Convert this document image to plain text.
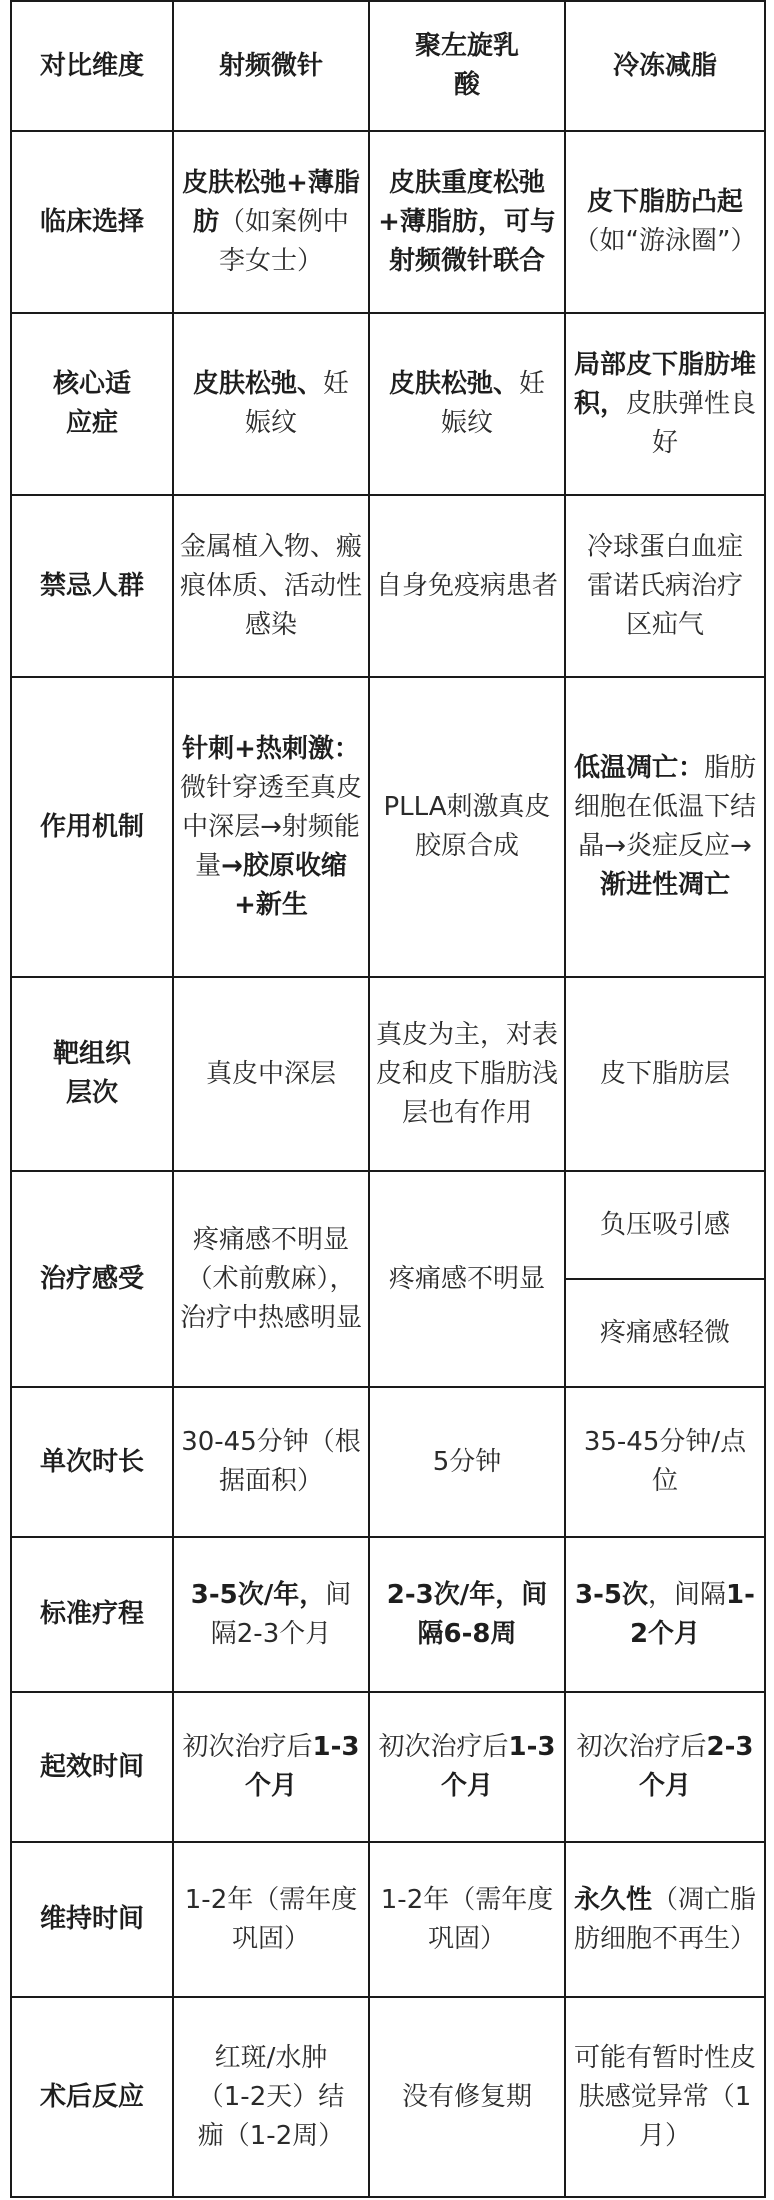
对比维度	射频微针	聚左旋乳酸	冷冻减脂
临床选择	皮肤松弛+薄脂肪（如案例中李女士）	皮肤重度松弛+薄脂肪，可与射频微针联合	皮下脂肪凸起（如“游泳圈”）
核心适应症	皮肤松弛、妊娠纹	皮肤松弛、妊娠纹	局部皮下脂肪堆积，皮肤弹性良好
禁忌人群	金属植入物、瘢痕体质、活动性感染	自身免疫病患者	冷球蛋白血症雷诺氏病治疗区疝气
作用机制	针刺+热刺激：微针穿透至真皮中深层→射频能量→胶原收缩+新生	PLLA刺激真皮胶原合成	低温凋亡：脂肪细胞在低温下结晶→炎症反应→渐进性凋亡
靶组织层次	真皮中深层	真皮为主，对表皮和皮下脂肪浅层也有作用	皮下脂肪层
治疗感受	疼痛感不明显（术前敷麻），治疗中热感明显	疼痛感不明显	负压吸引感
			疼痛感轻微
单次时长	30-45分钟（根据面积）	5分钟	35-45分钟/点位
标准疗程	3-5次/年，间隔2-3个月	2-3次/年，间隔6-8周	3-5次，间隔1-2个月
起效时间	初次治疗后1-3个月	初次治疗后1-3个月	初次治疗后2-3个月
维持时间	1-2年（需年度巩固）	1-2年（需年度巩固）	永久性（凋亡脂肪细胞不再生）
术后反应	红斑/水肿（1-2天）结痂（1-2周）	没有修复期	可能有暂时性皮肤感觉异常（1月）
